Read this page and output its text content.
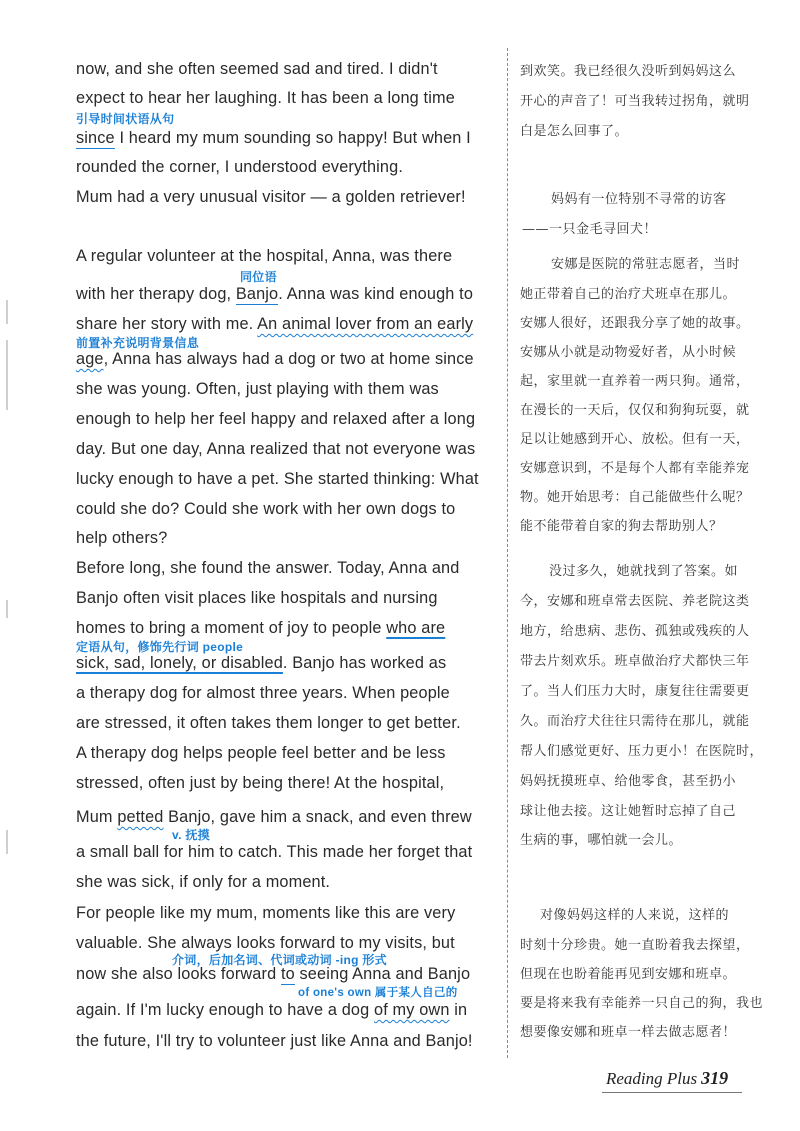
now, and she often seemed sad and tired. I didn't
expect to hear her laughing. It has been a long time
引导时间状语从句
since I heard my mum sounding so happy! But when I
rounded the corner, I understood everything.
Mum had a very unusual visitor — a golden retriever!
A regular volunteer at the hospital, Anna, was there
同位语
with her therapy dog, Banjo. Anna was kind enough to
share her story with me. An animal lover from an early
前置补充说明背景信息
age, Anna has always had a dog or two at home since
she was young. Often, just playing with them was
enough to help her feel happy and relaxed after a long
day. But one day, Anna realized that not everyone was
lucky enough to have a pet. She started thinking: What
could she do? Could she work with her own dogs to
help others?
Before long, she found the answer. Today, Anna and
Banjo often visit places like hospitals and nursing
homes to bring a moment of joy to people who are
定语从句，修饰先行词 people
sick, sad, lonely, or disabled. Banjo has worked as
a therapy dog for almost three years. When people
are stressed, it often takes them longer to get better.
A therapy dog helps people feel better and be less
stressed, often just by being there! At the hospital,
Mum petted Banjo, gave him a snack, and even threw
v. 抚摸
a small ball for him to catch. This made her forget that
she was sick, if only for a moment.
For people like my mum, moments like this are very
valuable. She always looks forward to my visits, but
介词，后加名词、代词或动词 -ing 形式
now she also looks forward to seeing Anna and Banjo
of one's own 属于某人自己的
again. If I'm lucky enough to have a dog of my own in
the future, I'll try to volunteer just like Anna and Banjo!
到欢笑。我已经很久没听到妈妈这么
开心的声音了！可当我转过拐角，就明
白是怎么回事了。
妈妈有一位特别不寻常的访客
——一只金毛寻回犬！
安娜是医院的常驻志愿者，当时
她正带着自己的治疗犬班卓在那儿。
安娜人很好，还跟我分享了她的故事。
安娜从小就是动物爱好者，从小时候
起，家里就一直养着一两只狗。通常，
在漫长的一天后，仅仅和狗狗玩耍，就
足以让她感到开心、放松。但有一天，
安娜意识到，不是每个人都有幸能养宠
物。她开始思考：自己能做些什么呢？
能不能带着自家的狗去帮助别人？
没过多久，她就找到了答案。如
今，安娜和班卓常去医院、养老院这类
地方，给患病、悲伤、孤独或残疾的人
带去片刻欢乐。班卓做治疗犬都快三年
了。当人们压力大时，康复往往需要更
久。而治疗犬往往只需待在那儿，就能
帮人们感觉更好、压力更小！在医院时，
妈妈抚摸班卓、给他零食，甚至扔小
球让他去接。这让她暂时忘掉了自己
生病的事，哪怕就一会儿。
对像妈妈这样的人来说，这样的
时刻十分珍贵。她一直盼着我去探望，
但现在也盼着能再见到安娜和班卓。
要是将来我有幸能养一只自己的狗，我也
想要像安娜和班卓一样去做志愿者！
Reading Plus 319
